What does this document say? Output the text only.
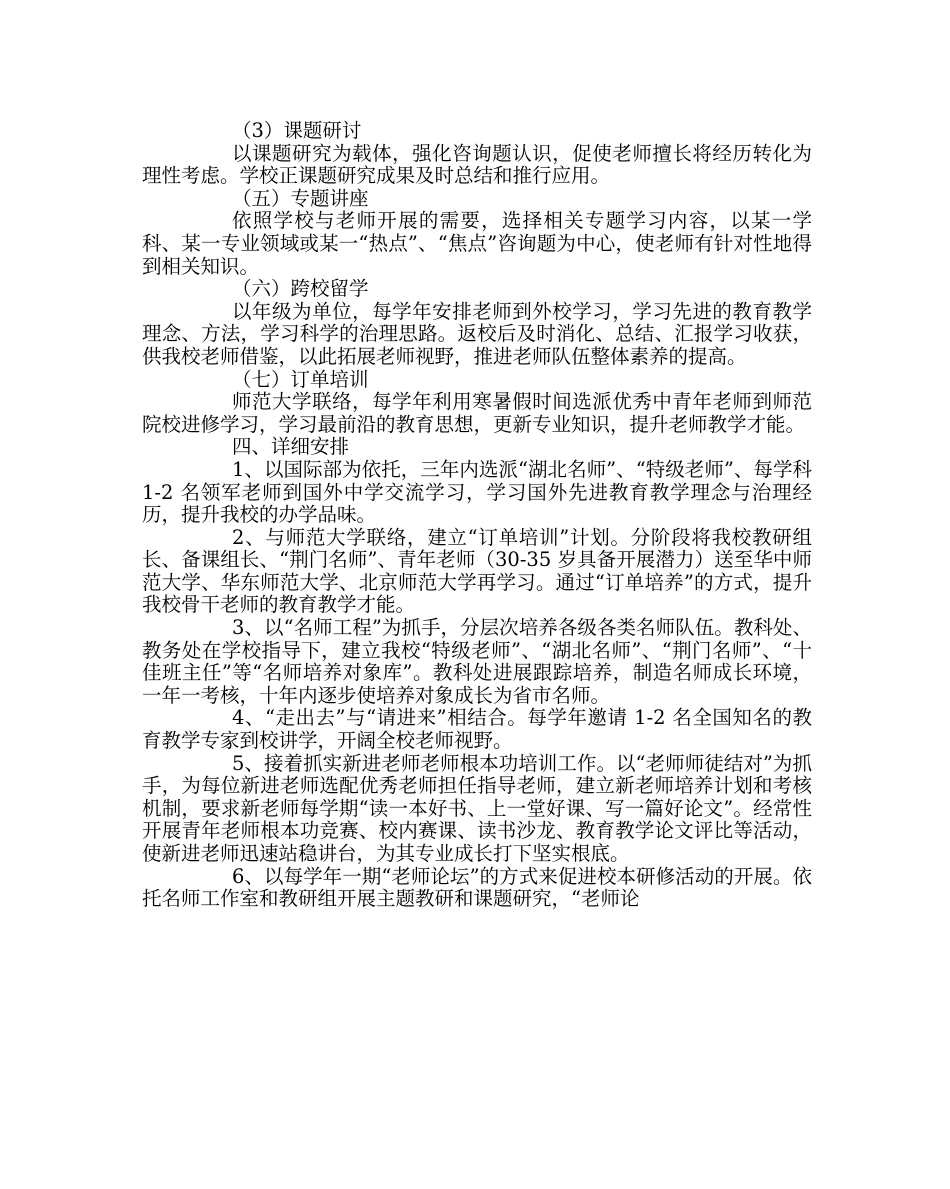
（3）课题研讨

以课题研究为载体，强化咨询题认识，促使老师擅长将经历转化为理性考虑。学校正课题研究成果及时总结和推行应用。

（五）专题讲座

依照学校与老师开展的需要，选择相关专题学习内容，以某一学科、某一专业领域或某一“热点”、“焦点”咨询题为中心，使老师有针对性地得到相关知识。

（六）跨校留学

以年级为单位，每学年安排老师到外校学习，学习先进的教育教学理念、方法，学习科学的治理思路。返校后及时消化、总结、汇报学习收获，供我校老师借鉴，以此拓展老师视野，推进老师队伍整体素养的提高。

（七）订单培训

师范大学联络，每学年利用寒暑假时间选派优秀中青年老师到师范院校进修学习，学习最前沿的教育思想，更新专业知识，提升老师教学才能。

四、详细安排

1、以国际部为依托，三年内选派“湖北名师”、“特级老师”、每学科 1-2 名领军老师到国外中学交流学习，学习国外先进教育教学理念与治理经历，提升我校的办学品味。

2、与师范大学联络，建立“订单培训”计划。分阶段将我校教研组长、备课组长、“荆门名师”、青年老师（30-35 岁具备开展潜力）送至华中师范大学、华东师范大学、北京师范大学再学习。通过“订单培养”的方式，提升我校骨干老师的教育教学才能。

3、以“名师工程”为抓手，分层次培养各级各类名师队伍。教科处、教务处在学校指导下，建立我校“特级老师”、“湖北名师”、“荆门名师”、“十佳班主任”等“名师培养对象库”。教科处进展跟踪培养，制造名师成长环境，一年一考核，十年内逐步使培养对象成长为省市名师。

4、“走出去”与“请进来”相结合。每学年邀请 1-2 名全国知名的教育教学专家到校讲学，开阔全校老师视野。

5、接着抓实新进老师老师根本功培训工作。以“老师师徒结对”为抓手，为每位新进老师选配优秀老师担任指导老师，建立新老师培养计划和考核机制，要求新老师每学期“读一本好书、上一堂好课、写一篇好论文”。经常性开展青年老师根本功竞赛、校内赛课、读书沙龙、教育教学论文评比等活动，使新进老师迅速站稳讲台，为其专业成长打下坚实根底。

6、以每学年一期“老师论坛”的方式来促进校本研修活动的开展。依托名师工作室和教研组开展主题教研和课题研究，“老师论
